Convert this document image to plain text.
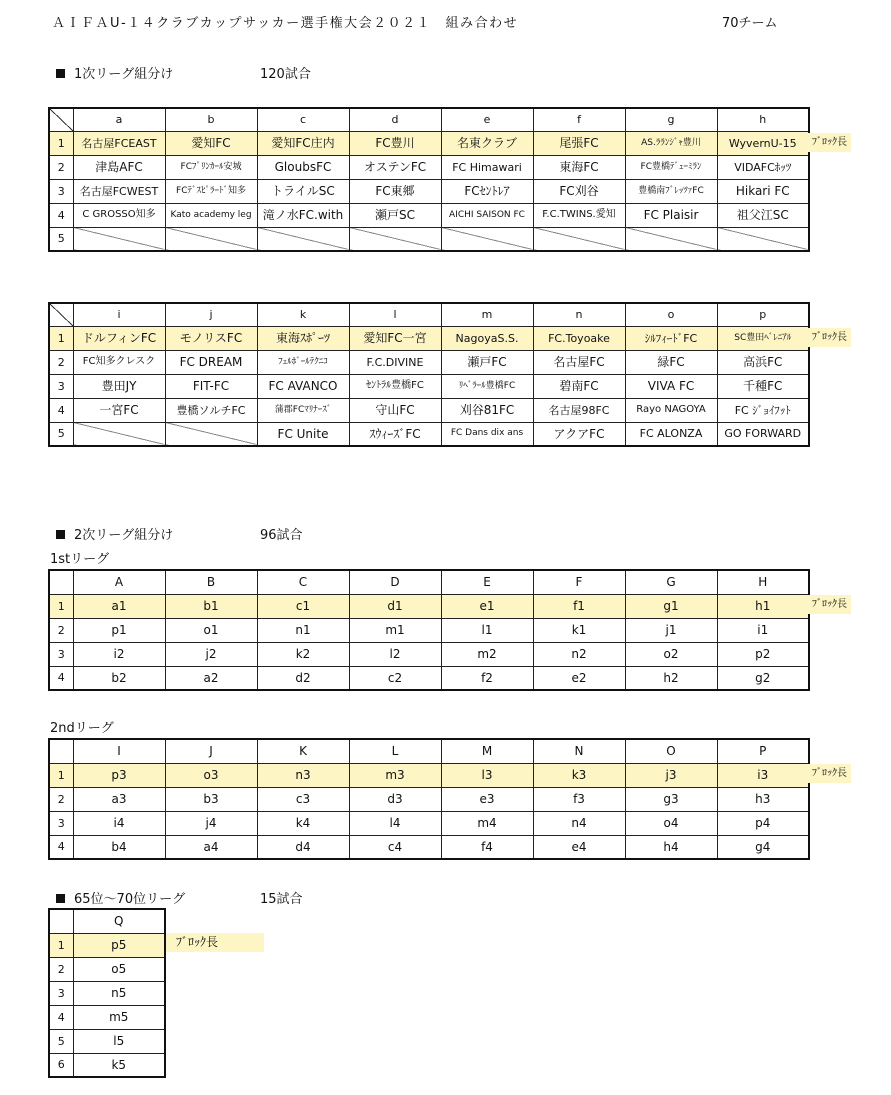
ＡＩＦＡU-１４クラブカップサッカー選手権大会２０２１　組み合わせ	70チーム
1次リーグ組分け	120試合
	a	b	c	d	e	f	g	h
1	名古屋FCEAST	愛知FC	愛知FC庄内	FC豊川	名東クラブ	尾張FC	AS.ﾗﾗﾝｼﾞｬ豊川	WyvernU-15
2	津島AFC	FCﾌﾟﾘﾝｶｰﾙ安城	GloubsFC	オステンFC	FC Himawari	東海FC	FC豊橋ﾃﾞｭｰﾐﾗﾝ	VIDAFCﾎｯﾂ
3	名古屋FCWEST	FCﾃﾞｽﾋﾟﾗｰﾄﾞ知多	トライルSC	FC東郷	FCｾﾝﾄﾚｱ	FC刈谷	豊橋南ﾌﾞﾚｯﾂｧFC	Hikari FC
4	C GROSSO知多	Kato academy leg	滝ノ水FC.with	瀬戸SC	AICHI SAISON FC	F.C.TWINS.愛知	FC Plaisir	祖父江SC
5								
ﾌﾞﾛｯｸ長
	i	j	k	l	m	n	o	p
1	ドルフィンFC	モノリスFC	東海ｽﾎﾟｰﾂ	愛知FC一宮	NagoyaS.S.	FC.Toyoake	ｼﾙﾌｨｰﾄﾞFC	SC豊田ﾍﾞﾚﾆｱﾙ
2	FC知多クレスク	FC DREAM	ﾌｪﾙﾎﾞｰﾙﾃｸﾆｺ	F.C.DIVINE	瀬戸FC	名古屋FC	緑FC	高浜FC
3	豊田JY	FIT-FC	FC AVANCO	ｾﾝﾄﾗﾙ豊橋FC	ﾘﾍﾞﾗｰﾙ豊橋FC	碧南FC	VIVA FC	千種FC
4	一宮FC	豊橋ソルチFC	蒲郡FCﾏﾘﾅｰｽﾞ	守山FC	刈谷81FC	名古屋98FC	Rayo NAGOYA	FC ｼﾞｮｲﾌｯﾄ
5			FC Unite	ｽｳｨｰｽﾞFC	FC Dans dix ans	アクアFC	FC ALONZA	GO FORWARD
ﾌﾞﾛｯｸ長
2次リーグ組分け	96試合
1stリーグ
	A	B	C	D	E	F	G	H
1	a1	b1	c1	d1	e1	f1	g1	h1
2	p1	o1	n1	m1	l1	k1	j1	i1
3	i2	j2	k2	l2	m2	n2	o2	p2
4	b2	a2	d2	c2	f2	e2	h2	g2
ﾌﾞﾛｯｸ長
2ndリーグ
	I	J	K	L	M	N	O	P
1	p3	o3	n3	m3	l3	k3	j3	i3
2	a3	b3	c3	d3	e3	f3	g3	h3
3	i4	j4	k4	l4	m4	n4	o4	p4
4	b4	a4	d4	c4	f4	e4	h4	g4
ﾌﾞﾛｯｸ長
65位～70位リーグ	15試合
	Q
1	p5
2	o5
3	n5
4	m5
5	l5
6	k5
ﾌﾞﾛｯｸ長
